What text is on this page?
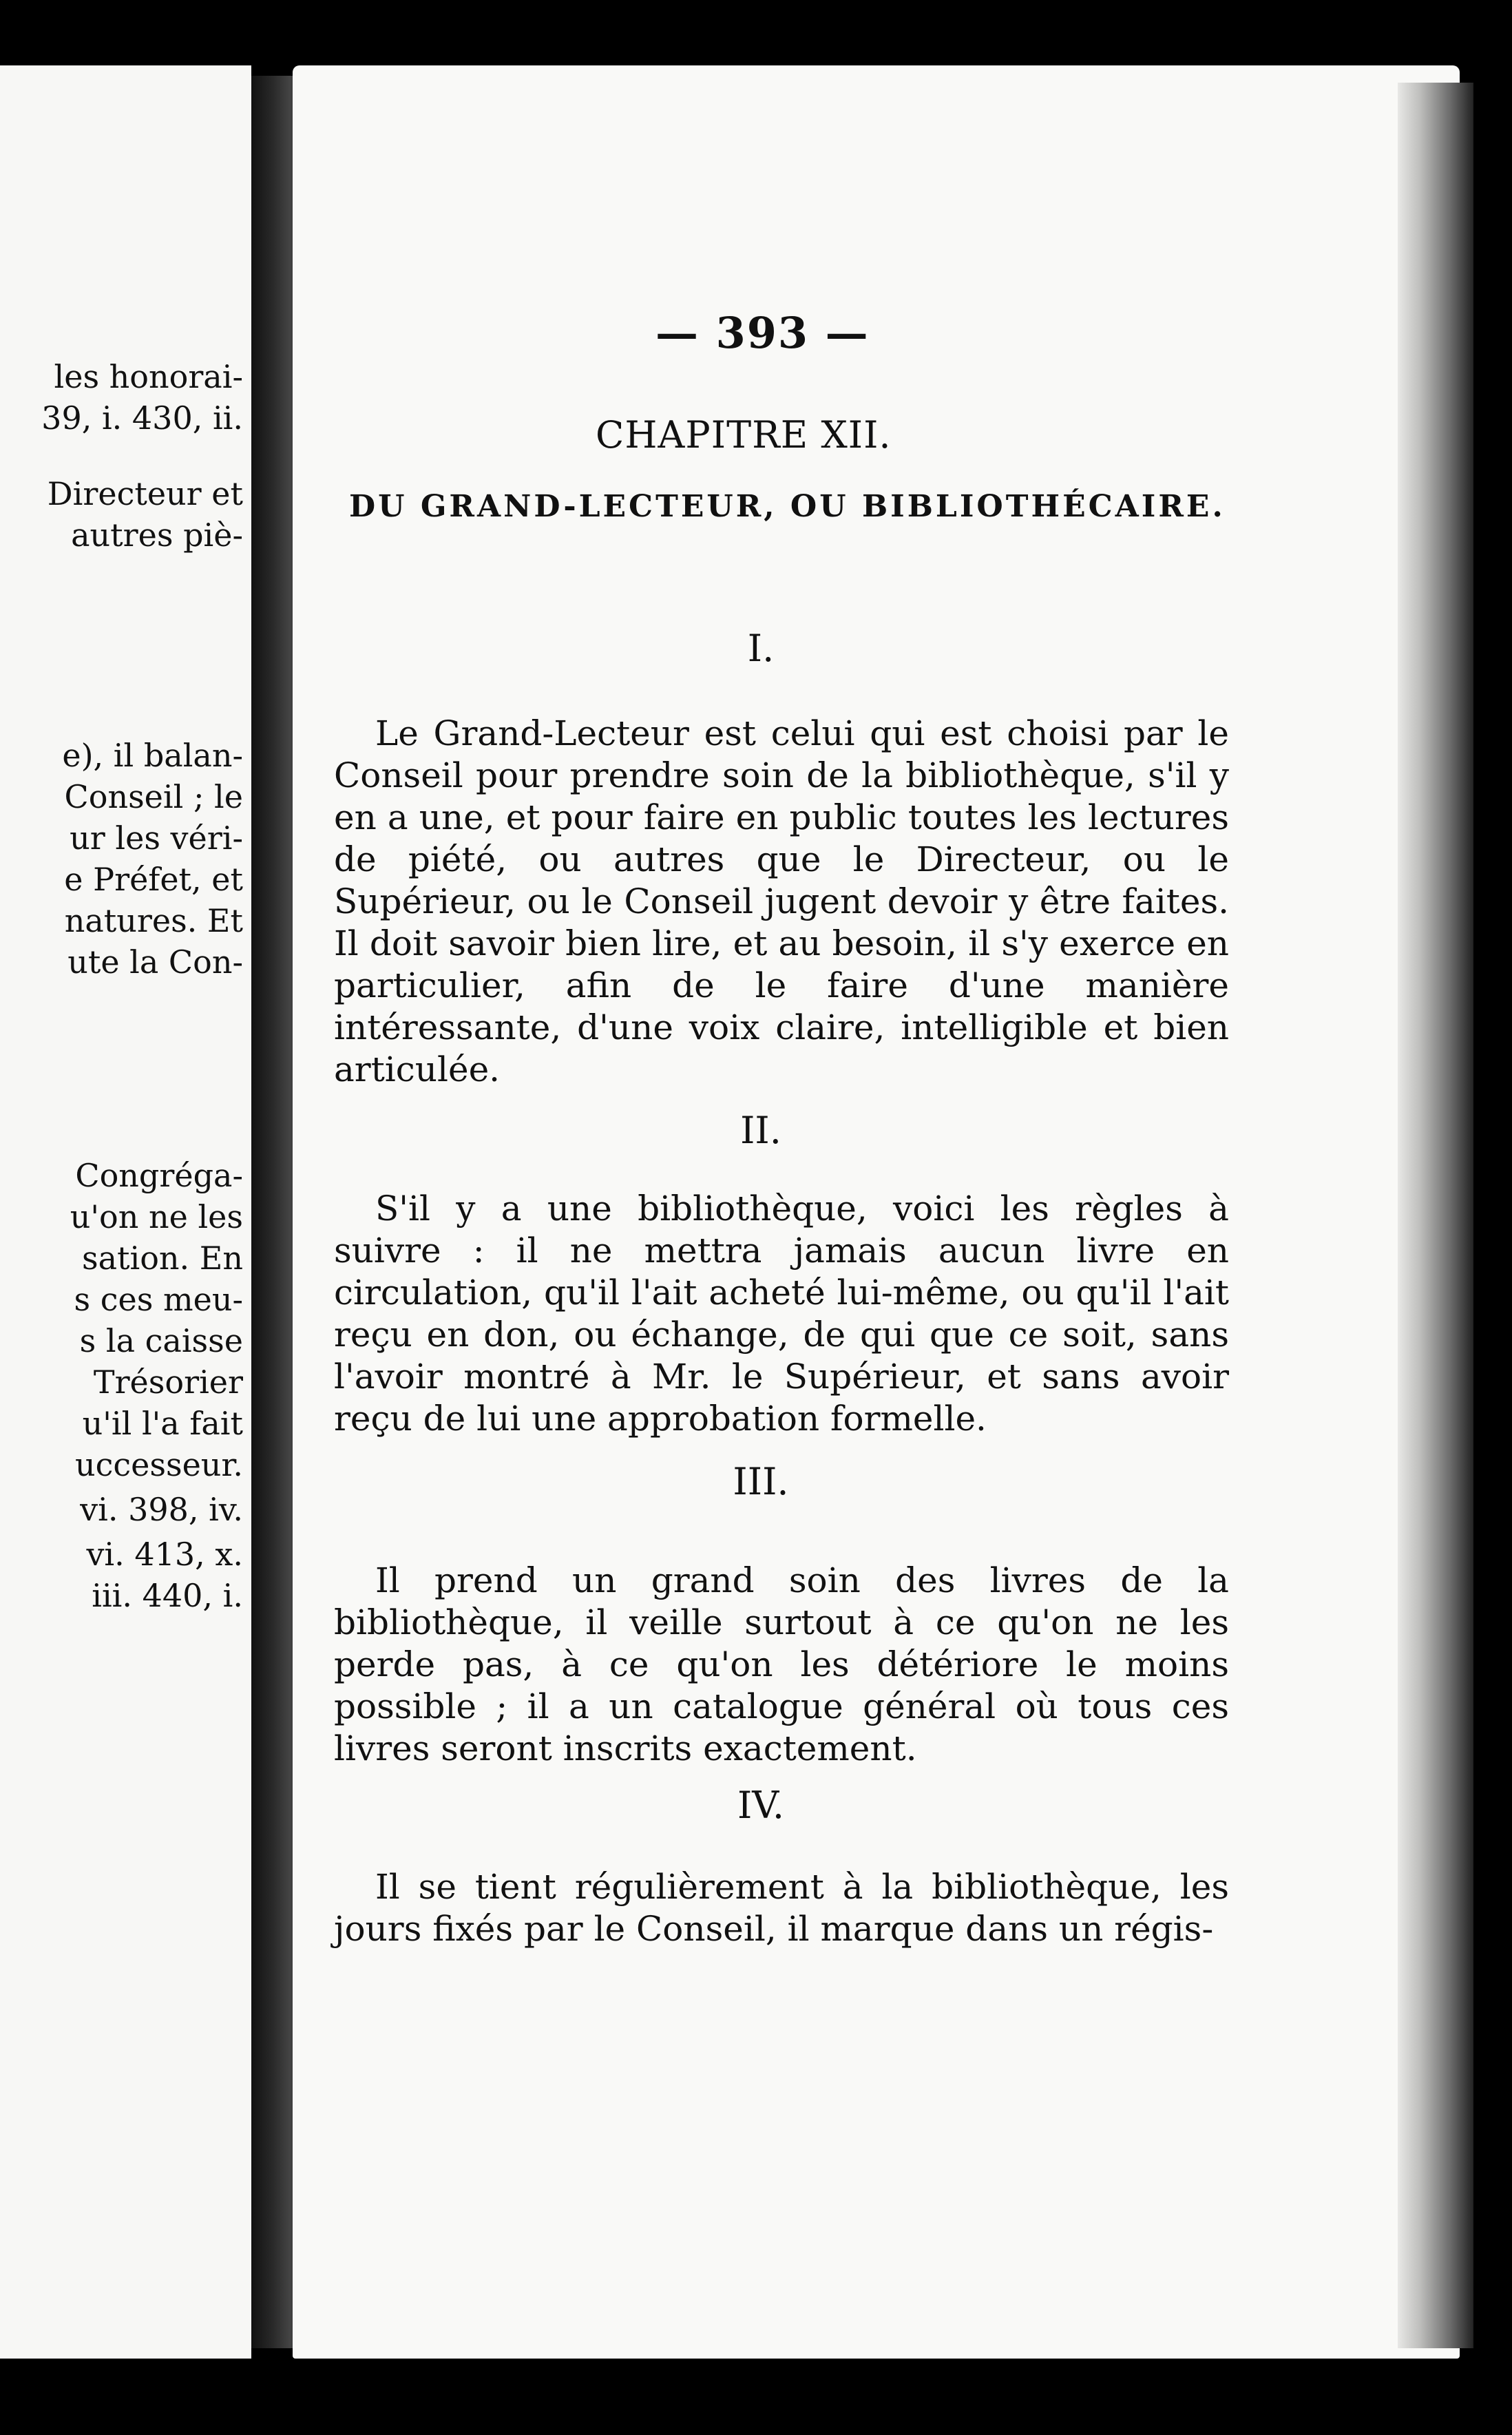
les honorai-
39, i. 430, ii.
Directeur et
autres piè-
e), il balan-
Conseil ; le
ur les véri-
e Préfet, et
natures. Et
ute la Con-
Congréga-
u'on ne les
sation. En
s ces meu-
s la caisse
Trésorier
u'il l'a fait
uccesseur.
vi. 398, iv.
vi. 413, x.
iii. 440, i.
— 393 —
CHAPITRE XII.
DU GRAND-LECTEUR, OU BIBLIOTHÉCAIRE.
I.

Le Grand-Lecteur est celui qui est choisi par le Conseil pour prendre soin de la bibliothèque, s'il y en a une, et pour faire en public toutes les lectures de piété, ou autres que le Directeur, ou le Supérieur, ou le Conseil jugent devoir y être faites. Il doit savoir bien lire, et au besoin, il s'y exerce en particulier, afin de le faire d'une manière intéressante, d'une voix claire, intelligible et bien articulée.

II.

S'il y a une bibliothèque, voici les règles à suivre : il ne mettra jamais aucun livre en circulation, qu'il l'ait acheté lui-même, ou qu'il l'ait reçu en don, ou échange, de qui que ce soit, sans l'avoir montré à Mr. le Supérieur, et sans avoir reçu de lui une approbation formelle.

III.

Il prend un grand soin des livres de la bibliothèque, il veille surtout à ce qu'on ne les perde pas, à ce qu'on les détériore le moins possible ; il a un catalogue général où tous ces livres seront inscrits exactement.

IV.

Il se tient régulièrement à la bibliothèque, les jours fixés par le Conseil, il marque dans un régis-
